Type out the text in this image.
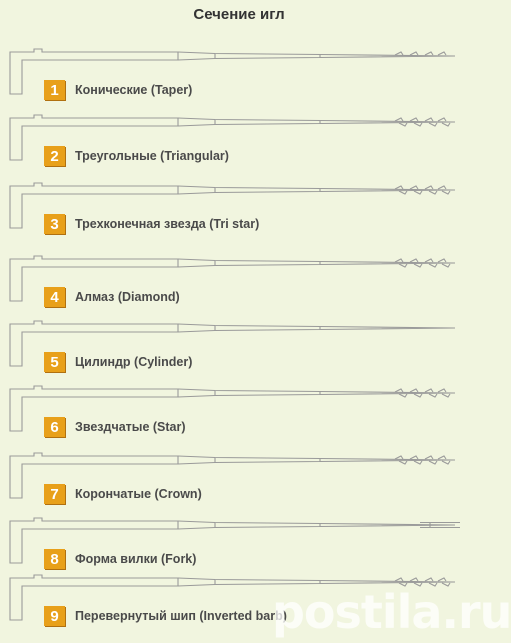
Сечение игл
1	Конические (Taper)
2	Треугольные (Triangular)
3	Трехконечная звезда (Tri star)
4	Алмаз (Diamond)
5	Цилиндр (Cylinder)
6	Звездчатые (Star)
7	Корончатые (Crown)
8	Форма вилки (Fork)
9	Перевернутый шип (Inverted barb)
postila.ru
